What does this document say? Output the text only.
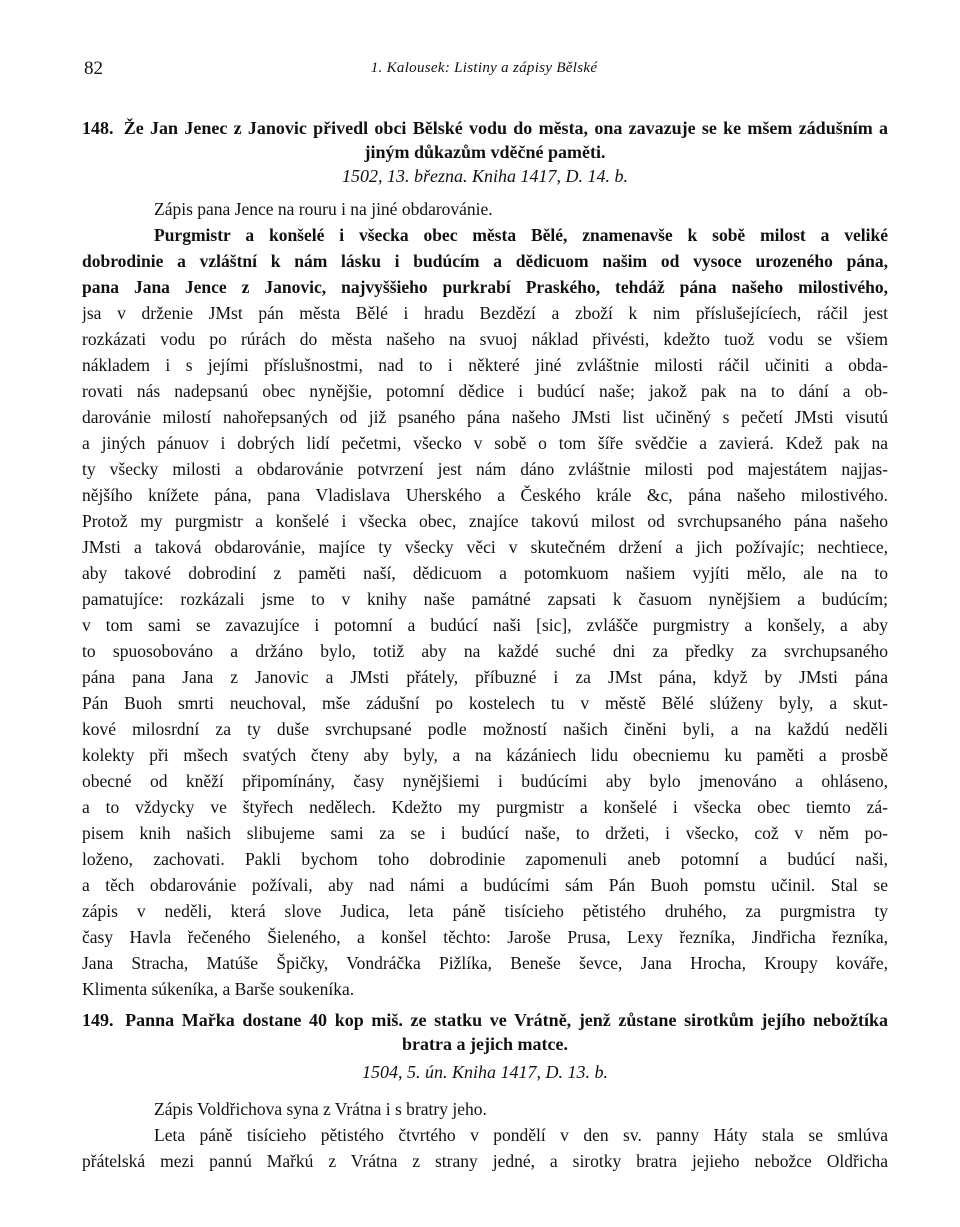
82	1. Kalousek: Listiny a zápisy Bělské

148. Že Jan Jenec z Janovic přivedl obci Bělské vodu do města, ona zavazuje se ke mšem zádušním a jiným důkazům vděčné paměti.

1502, 13. března. Kniha 1417, D. 14. b.

Zápis pana Jence na rouru i na jiné obdarovánie.
Purgmistr a konšelé i všecka obec města Bělé, znamenavše k sobě milost a veliké
dobrodinie a vzláštní k nám lásku i budúcím a dědicuom našim od vysoce urozeného pána,
pana Jana Jence z Janovic, najvyššieho purkrabí Praského, tehdáž pána našeho milostivého,
jsa v drženie JMst pán města Bělé i hradu Bezdězí a zboží k nim příslušejícíech, ráčil jest
rozkázati vodu po rúrách do města našeho na svuoj náklad přivésti, kdežto tuož vodu se všiem
nákladem i s jejími příslušnostmi, nad to i některé jiné zvláštnie milosti ráčil učiniti a obda-
rovati nás nadepsanú obec nynějšie, potomní dědice i budúcí naše; jakož pak na to dání a ob-
darovánie milostí nahořepsaných od již psaného pána našeho JMsti list učiněný s pečetí JMsti visutú
a jiných pánuov i dobrých lidí pečetmi, všecko v sobě o tom šíře svědčie a zavierá. Kdež pak na
ty všecky milosti a obdarovánie potvrzení jest nám dáno zvláštnie milosti pod majestátem najjas-
nějšího knížete pána, pana Vladislava Uherského a Českého krále &c, pána našeho milostivého.
Protož my purgmistr a konšelé i všecka obec, znajíce takovú milost od svrchupsaného pána našeho
JMsti a taková obdarovánie, majíce ty všecky věci v skutečném držení a jich požívajíc; nechtiece,
aby takové dobrodiní z paměti naší, dědicuom a potomkuom našiem vyjíti mělo, ale na to
pamatujíce: rozkázali jsme to v knihy naše památné zapsati k časuom nynějšiem a budúcím;
v tom sami se zavazujíce i potomní a budúcí naši [sic], zvlášče purgmistry a konšely, a aby
to spuosobováno a držáno bylo, totiž aby na každé suché dni za předky za svrchupsaného
pána pana Jana z Janovic a JMsti přátely, příbuzné i za JMst pána, když by JMsti pána
Pán Buoh smrti neuchoval, mše zádušní po kostelech tu v městě Bělé slúženy byly, a skut-
kové milosrdní za ty duše svrchupsané podle možností našich činěni byli, a na každú neděli
kolekty při mšech svatých čteny aby byly, a na kázániech lidu obecniemu ku paměti a prosbě
obecné od kněží připomínány, časy nynějšiemi i budúcími aby bylo jmenováno a ohláseno,
a to vždycky ve štyřech nedělech. Kdežto my purgmistr a konšelé i všecka obec tiemto zá-
pisem knih našich slibujeme sami za se i budúcí naše, to držeti, i všecko, což v něm po-
loženo, zachovati. Pakli bychom toho dobrodinie zapomenuli aneb potomní a budúcí naši,
a těch obdarovánie požívali, aby nad námi a budúcími sám Pán Buoh pomstu učinil. Stal se
zápis v neděli, která slove Judica, leta páně tisícieho pětistého druhého, za purgmistra ty
časy Havla řečeného Šieleného, a konšel těchto: Jaroše Prusa, Lexy řezníka, Jindřicha řezníka,
Jana Stracha, Matúše Špičky, Vondráčka Pižlíka, Beneše ševce, Jana Hrocha, Kroupy kováře,
Klimenta súkeníka, a Barše soukeníka.

149. Panna Mařka dostane 40 kop miš. ze statku ve Vrátně, jenž zůstane sirotkům jejího nebožtíka bratra a jejich matce.

1504, 5. ún. Kniha 1417, D. 13. b.

Zápis Voldřichova syna z Vrátna i s bratry jeho.
Leta páně tisícieho pětistého čtvrtého v pondělí v den sv. panny Háty stala se smlúva
přátelská mezi pannú Mařkú z Vrátna z strany jedné, a sirotky bratra jejieho nebožce Oldřicha
